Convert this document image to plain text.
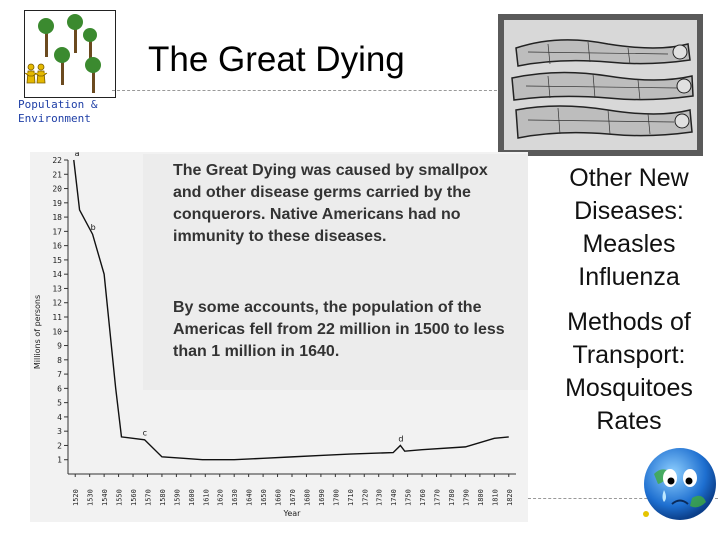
Population &
Environment
The Great Dying
1
2
3
4
5
6
7
8
9
10
11
12
13
14
15
16
17
18
19
20
21
22
1520 1530 1540 1550 1560 1570 1580 1590 1600 1610 1620 1630 1640 1650 1660 1670 1680 1690 1700 1710 1720 1730 1740 1750 1760 1770 1780 1790 1800 1810 1820
Millions of persons
Year
a
b
c
d
The Great Dying was caused by smallpox and other disease germs carried by the conquerors. Native Americans had no immunity to these diseases.
By some accounts, the population of the Americas fell from 22 million in 1500 to less than 1 million in 1640.
Other New
Diseases:
Measles
Influenza
Methods of
Transport:
Mosquitoes
Rates
